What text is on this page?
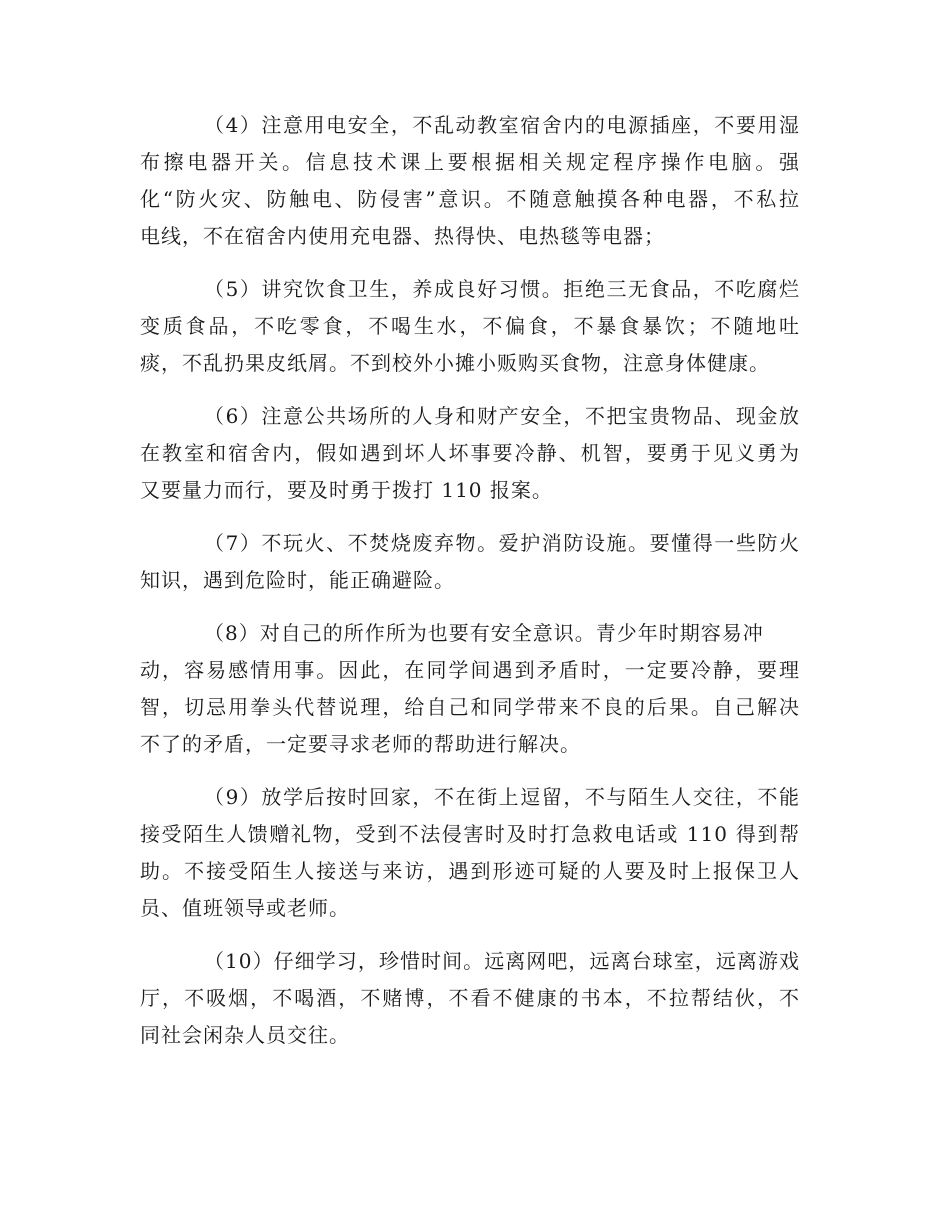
（4）注意用电安全，不乱动教室宿舍内的电源插座，不要用湿
布擦电器开关。信息技术课上要根据相关规定程序操作电脑。强
化“防火灾、防触电、防侵害”意识。不随意触摸各种电器，不私拉
电线，不在宿舍内使用充电器、热得快、电热毯等电器；
（5）讲究饮食卫生，养成良好习惯。拒绝三无食品，不吃腐烂
变质食品，不吃零食，不喝生水，不偏食，不暴食暴饮；不随地吐
痰，不乱扔果皮纸屑。不到校外小摊小贩购买食物，注意身体健康。
（6）注意公共场所的人身和财产安全，不把宝贵物品、现金放
在教室和宿舍内，假如遇到坏人坏事要冷静、机智，要勇于见义勇为
又要量力而行，要及时勇于拨打 110 报案。
（7）不玩火、不焚烧废弃物。爱护消防设施。要懂得一些防火
知识，遇到危险时，能正确避险。
（8）对自己的所作所为也要有安全意识。青少年时期容易冲
动，容易感情用事。因此，在同学间遇到矛盾时，一定要冷静，要理
智，切忌用拳头代替说理，给自己和同学带来不良的后果。自己解决
不了的矛盾，一定要寻求老师的帮助进行解决。
（9）放学后按时回家，不在街上逗留，不与陌生人交往，不能
接受陌生人馈赠礼物，受到不法侵害时及时打急救电话或 110 得到帮
助。不接受陌生人接送与来访，遇到形迹可疑的人要及时上报保卫人
员、值班领导或老师。
（10）仔细学习，珍惜时间。远离网吧，远离台球室，远离游戏
厅，不吸烟，不喝酒，不赌博，不看不健康的书本，不拉帮结伙，不
同社会闲杂人员交往。
